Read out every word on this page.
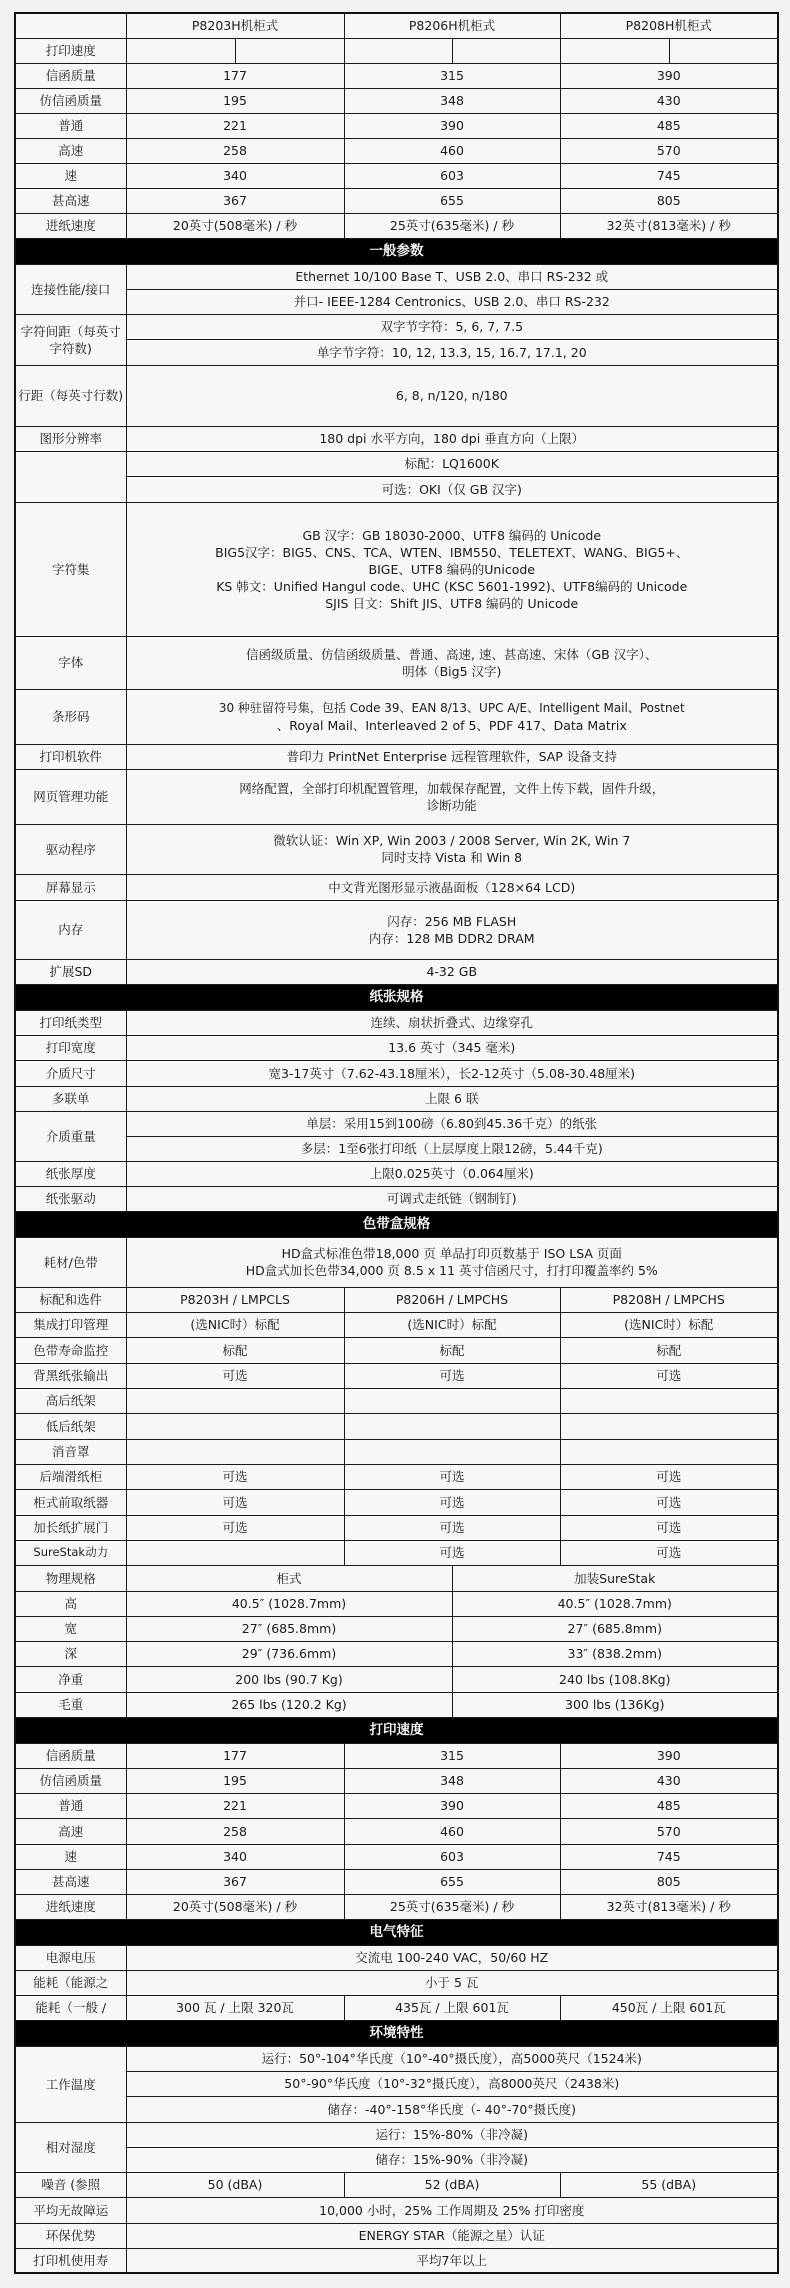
	P8203H机柜式		P8206H机柜式		P8208H机柜式	
打印速度						
信函质量	177		315		390	
仿信函质量	195		348		430	
普通	221		390		485	
高速	258		460		570	
速	340		603		745	
甚高速	367		655		805	
进纸速度	20英寸(508毫米) / 秒		25英寸(635毫米) / 秒		32英寸(813毫米) / 秒	
一般参数						
连接性能/接口	Ethernet 10/100 Base T、USB 2.0、串口 RS-232 或					
	并口- IEEE-1284 Centronics、USB 2.0、串口 RS-232					
字符间距（每英寸字符数)	双字节字符：5, 6, 7, 7.5					
	单字节字符：10, 12, 13.3, 15, 16.7, 17.1, 20					
行距（每英寸行数)	6, 8, n/120, n/180					
图形分辨率	180 dpi 水平方向，180 dpi 垂直方向（上限）					
	标配：LQ1600K					
	可选：OKI（仅 GB 汉字)					
字符集	GB 汉字：GB 18030-2000、UTF8 编码的 Unicode
BIG5汉字：BIG5、CNS、TCA、WTEN、IBM550、TELETEXT、WANG、BIG5+、
BIGE、UTF8 编码的Unicode
KS 韩文：Unified Hangul code、UHC (KSC 5601-1992)、UTF8编码的 Unicode
SJIS 日文：Shift JIS、UTF8 编码的 Unicode					

字体	信函级质量、仿信函级质量、普通、高速, 速、甚高速、宋体（GB 汉字）、
明体（Big5 汉字)					

条形码	30 种驻留符号集，包括 Code 39、EAN 8/13、UPC A/E、Intelligent Mail、Postnet
、Royal Mail、Interleaved 2 of 5、PDF 417、Data Matrix					

打印机软件	普印力 PrintNet Enterprise 远程管理软件，SAP 设备支持					
网页管理功能	网络配置，全部打印机配置管理，加载保存配置，文件上传下载，固件升级，
诊断功能					

驱动程序	微软认证：Win XP, Win 2003 / 2008 Server, Win 2K, Win 7
同时支持 Vista 和 Win 8					

屏幕显示	中文背光图形显示液晶面板（128×64 LCD)					
内存	闪存：256 MB FLASH
内存：128 MB DDR2 DRAM					

扩展SD	4-32 GB					
纸张规格						
打印纸类型	连续、扇状折叠式、边缘穿孔					
打印宽度	13.6 英寸（345 毫米)					
介质尺寸	宽3-17英寸（7.62-43.18厘米），长2-12英寸（5.08-30.48厘米)					
多联单	上限 6 联					
介质重量	单层：采用15到100磅（6.80到45.36千克）的纸张					
	多层：1至6张打印纸（上层厚度上限12磅，5.44千克)					
纸张厚度	上限0.025英寸（0.064厘米)					
纸张驱动	可调式走纸链（钢制钉)					
色带盒规格						
耗材/色带	HD盒式标准色带18,000 页 单品打印页数基于 ISO LSA 页面
HD盒式加长色带34,000 页 8.5 x 11 英寸信函尺寸，打打印覆盖率约 5%					

标配和选件	P8203H / LMPCLS		P8206H / LMPCHS		P8208H / LMPCHS	
集成打印管理	(选NIC时）标配		(选NIC时）标配		(选NIC时）标配	
色带寿命监控	标配		标配		标配	
背黑纸张输出	可选		可选		可选	
高后纸架						
低后纸架						
消音罩						
后端滑纸柜	可选		可选		可选	
柜式前取纸器	可选		可选		可选	
加长纸扩展门	可选		可选		可选	
SureStak动力			可选		可选	
物理规格	柜式			加装SureStak		
高	40.5″ (1028.7mm)			40.5″ (1028.7mm)		
宽	27″ (685.8mm)			27″ (685.8mm)		
深	29″ (736.6mm)			33″ (838.2mm)		
净重	200 lbs (90.7 Kg)			240 lbs (108.8Kg)		
毛重	265 lbs (120.2 Kg)			300 lbs (136Kg)		
打印速度						
信函质量	177		315		390	
仿信函质量	195		348		430	
普通	221		390		485	
高速	258		460		570	
速	340		603		745	
甚高速	367		655		805	
进纸速度	20英寸(508毫米) / 秒		25英寸(635毫米) / 秒		32英寸(813毫米) / 秒	
电气特征						
电源电压	交流电 100-240 VAC，50/60 HZ					
能耗（能源之	小于 5 瓦					
能耗（一般 /	300 瓦 / 上限 320瓦		435瓦 / 上限 601瓦		450瓦 / 上限 601瓦	
环境特性						
工作温度	运行：50°-104°华氏度（10°-40°摄氏度），高5000英尺（1524米)					
	50°-90°华氏度（10°-32°摄氏度），高8000英尺（2438米)					
	储存：-40°-158°华氏度（- 40°-70°摄氏度)					
相对湿度	运行：15%-80%（非冷凝)					
	储存：15%-90%（非冷凝)					
噪音 (参照	50 (dBA)		52 (dBA)		55 (dBA)	
平均无故障运	10,000 小时，25% 工作周期及 25% 打印密度					
环保优势	ENERGY STAR（能源之星）认证					
打印机使用寿	平均7年以上					
